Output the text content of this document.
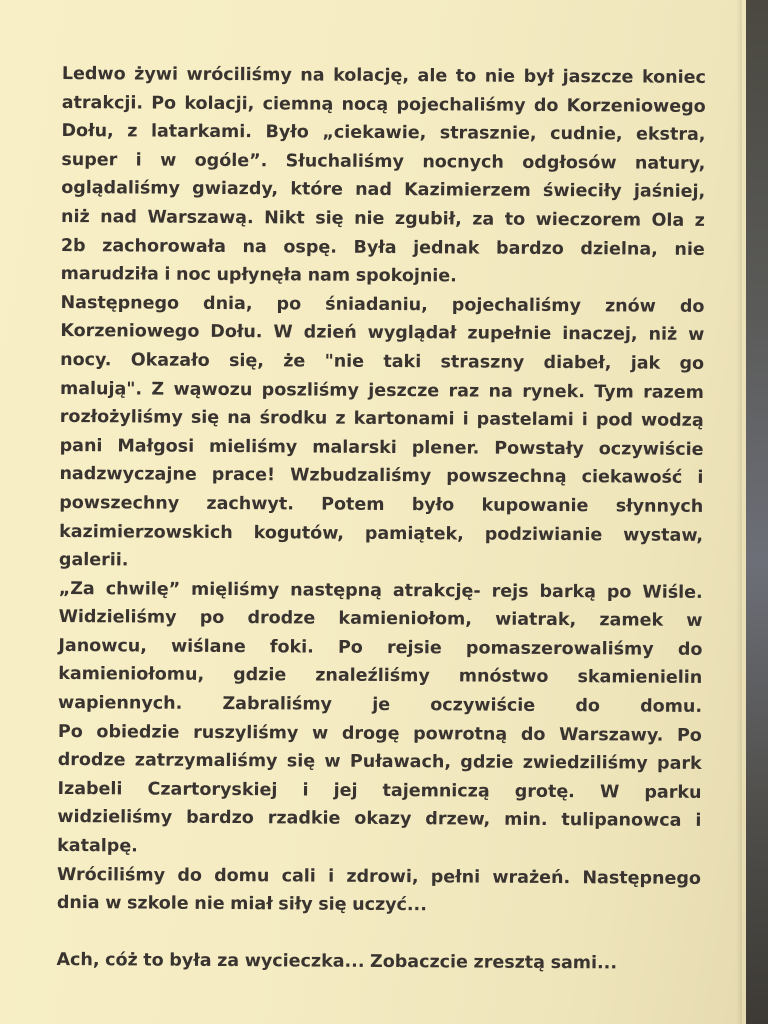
Ledwo żywi wróciliśmy na kolację, ale to nie był jaszcze koniec
atrakcji. Po kolacji, ciemną nocą pojechaliśmy do Korzeniowego
Dołu, z latarkami. Było „ciekawie, strasznie, cudnie, ekstra,
super i w ogóle”. Słuchaliśmy nocnych odgłosów natury,
oglądaliśmy gwiazdy, które nad Kazimierzem świeciły jaśniej,
niż nad Warszawą. Nikt się nie zgubił, za to wieczorem Ola z
2b zachorowała na ospę. Była jednak bardzo dzielna, nie
marudziła i noc upłynęła nam spokojnie.
Następnego dnia, po śniadaniu, pojechaliśmy znów do
Korzeniowego Dołu. W dzień wyglądał zupełnie inaczej, niż w
nocy. Okazało się, że "nie taki straszny diabeł, jak go
malują". Z wąwozu poszliśmy jeszcze raz na rynek. Tym razem
rozłożyliśmy się na środku z kartonami i pastelami i pod wodzą
pani Małgosi mieliśmy malarski plener. Powstały oczywiście
nadzwyczajne prace! Wzbudzaliśmy powszechną ciekawość i
powszechny zachwyt. Potem było kupowanie słynnych
kazimierzowskich kogutów, pamiątek, podziwianie wystaw,
galerii.
„Za chwilę” mięliśmy następną atrakcję- rejs barką po Wiśle.
Widzieliśmy po drodze kamieniołom, wiatrak, zamek w
Janowcu, wiślane foki. Po rejsie pomaszerowaliśmy do
kamieniołomu, gdzie znaleźliśmy mnóstwo skamienielin
wapiennych. Zabraliśmy je oczywiście do domu.
Po obiedzie ruszyliśmy w drogę powrotną do Warszawy. Po
drodze zatrzymaliśmy się w Puławach, gdzie zwiedziliśmy park
Izabeli Czartoryskiej i jej tajemniczą grotę. W parku
widzieliśmy bardzo rzadkie okazy drzew, min. tulipanowca i
katalpę.
Wróciliśmy do domu cali i zdrowi, pełni wrażeń. Następnego
dnia w szkole nie miał siły się uczyć...
Ach, cóż to była za wycieczka... Zobaczcie zresztą sami...
